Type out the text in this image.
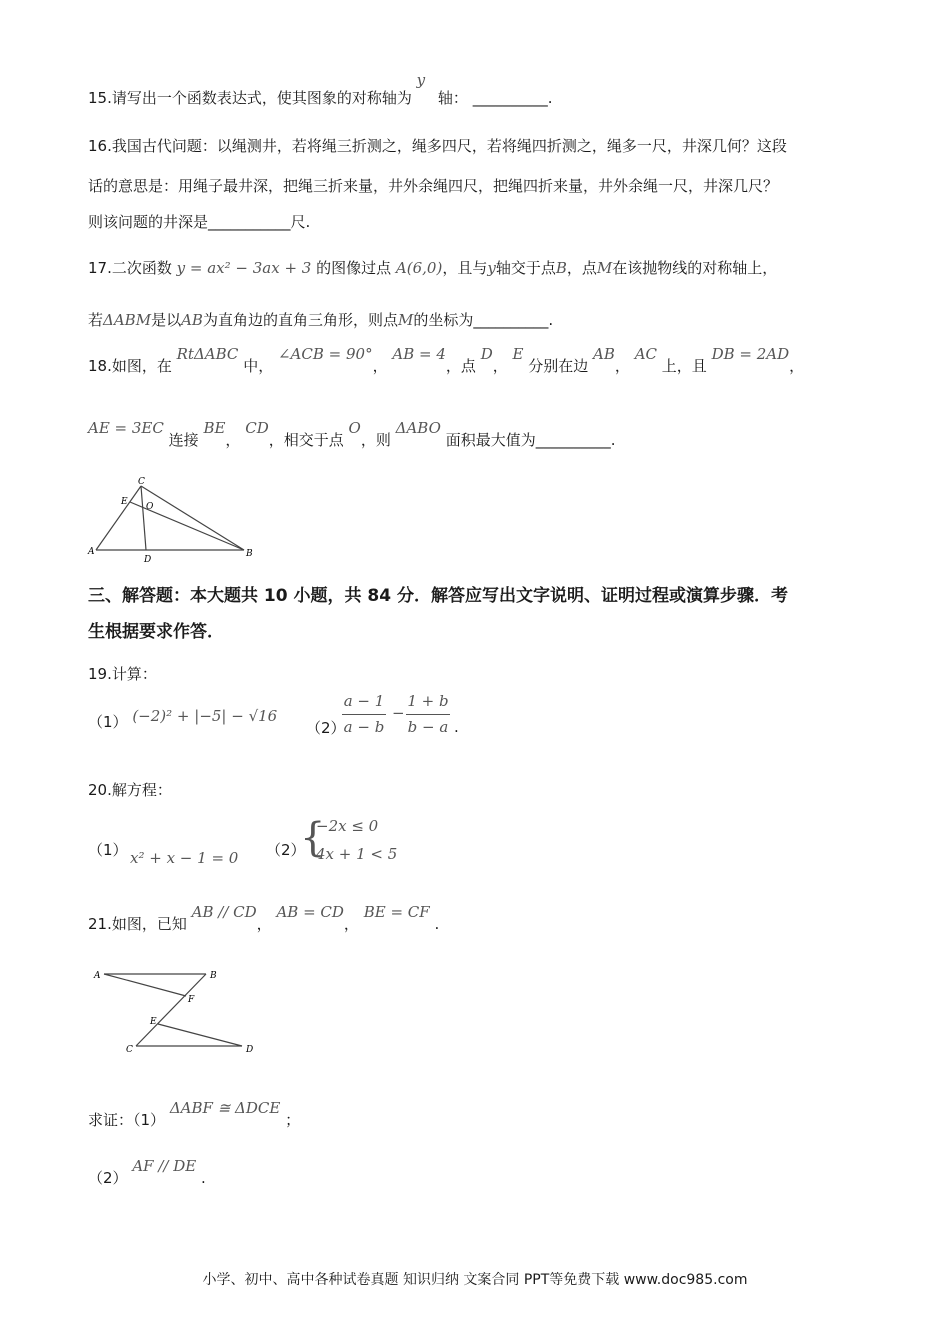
15.请写出一个函数表达式，使其图象的对称轴为 y 轴： __________.
16.我国古代问题：以绳测井，若将绳三折测之，绳多四尺，若将绳四折测之，绳多一尺，井深几何？这段
话的意思是：用绳子最井深，把绳三折来量，井外余绳四尺，把绳四折来量，井外余绳一尺，井深几尺？
则该问题的井深是___________尺.
17.二次函数 y = ax² − 3ax + 3 的图像过点 A(6,0)，且与y轴交于点B，点M在该抛物线的对称轴上，
若ΔABM是以AB为直角边的直角三角形，则点M的坐标为__________.
18.如图，在 RtΔABC 中， ∠ACB = 90°， AB = 4，点 D， E 分别在边 AB， AC 上，且 DB = 2AD，
AE = 3EC 连接 BE， CD，相交于点 O，则 ΔABO 面积最大值为__________.
A	B
C
D
E O
三、解答题：本大题共 10 小题，共 84 分．解答应写出文字说明、证明过程或演算步骤．考
生根据要求作答．
19.计算：
（1） (−2)² + |−5| − √16
（2）
a − 1
a − b
−
1 + b
b − a .
20.解方程：
（1） x² + x − 1 = 0 （2）
{
−2x ≤ 0
4x + 1 < 5
21.如图，已知 AB // CD， AB = CD， BE = CF .
A	B
C	D
E
F
求证：（1） ΔABF ≅ ΔDCE ；
（2） AF // DE .
小学、初中、高中各种试卷真题 知识归纳 文案合同 PPT等免费下载 www.doc985.com
